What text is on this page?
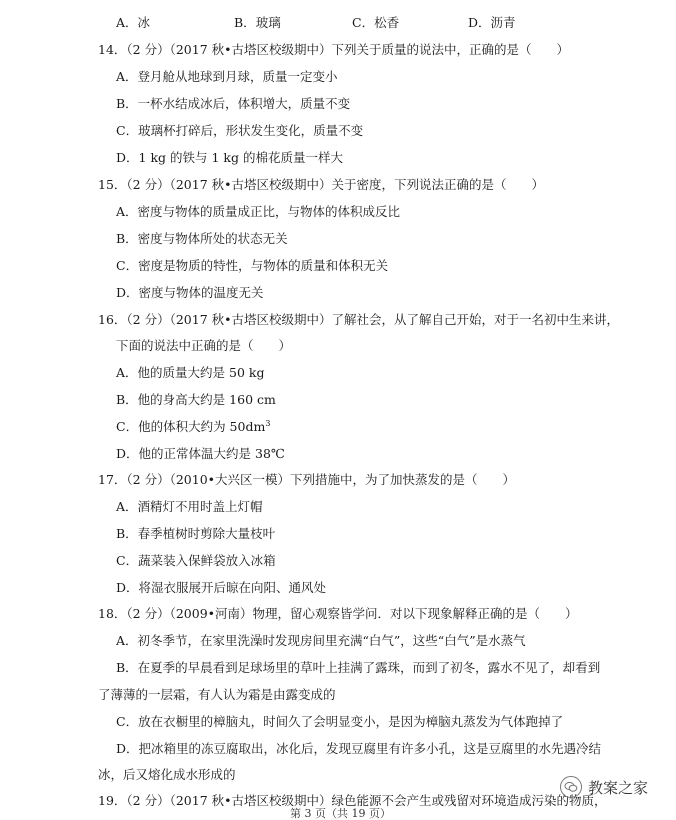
A．冰	B．玻璃	C．松香	D．沥青
14．（2 分）（2017 秋•古塔区校级期中）下列关于质量的说法中，正确的是（　　）
A．登月舱从地球到月球，质量一定变小
B．一杯水结成冰后，体积增大，质量不变
C．玻璃杯打碎后，形状发生变化，质量不变
D．1 kg 的铁与 1 kg 的棉花质量一样大
15．（2 分）（2017 秋•古塔区校级期中）关于密度，下列说法正确的是（　　）
A．密度与物体的质量成正比，与物体的体积成反比
B．密度与物体所处的状态无关
C．密度是物质的特性，与物体的质量和体积无关
D．密度与物体的温度无关
16．（2 分）（2017 秋•古塔区校级期中）了解社会，从了解自己开始，对于一名初中生来讲，
下面的说法中正确的是（　　）
A．他的质量大约是 50 kg
B．他的身高大约是 160 cm
C．他的体积大约为 $50dm^3$
D．他的正常体温大约是 38℃
17．（2 分）（2010•大兴区一模）下列措施中，为了加快蒸发的是（　　）
A．酒精灯不用时盖上灯帽
B．春季植树时剪除大量枝叶
C．蔬菜装入保鲜袋放入冰箱
D．将湿衣服展开后晾在向阳、通风处
18．（2 分）（2009•河南）物理，留心观察皆学问．对以下现象解释正确的是（　　）
A．初冬季节，在家里洗澡时发现房间里充满“白气”，这些“白气”是水蒸气
B．在夏季的早晨看到足球场里的草叶上挂满了露珠，而到了初冬，露水不见了，却看到
了薄薄的一层霜，有人认为霜是由露变成的
C．放在衣橱里的樟脑丸，时间久了会明显变小，是因为樟脑丸蒸发为气体跑掉了
D．把冰箱里的冻豆腐取出，冰化后，发现豆腐里有许多小孔，这是豆腐里的水先遇冷结
冰，后又熔化成水形成的
19．（2 分）（2017 秋•古塔区校级期中）绿色能源不会产生或残留对环境造成污染的物质，
教案之家
第 3 页（共 19 页）
